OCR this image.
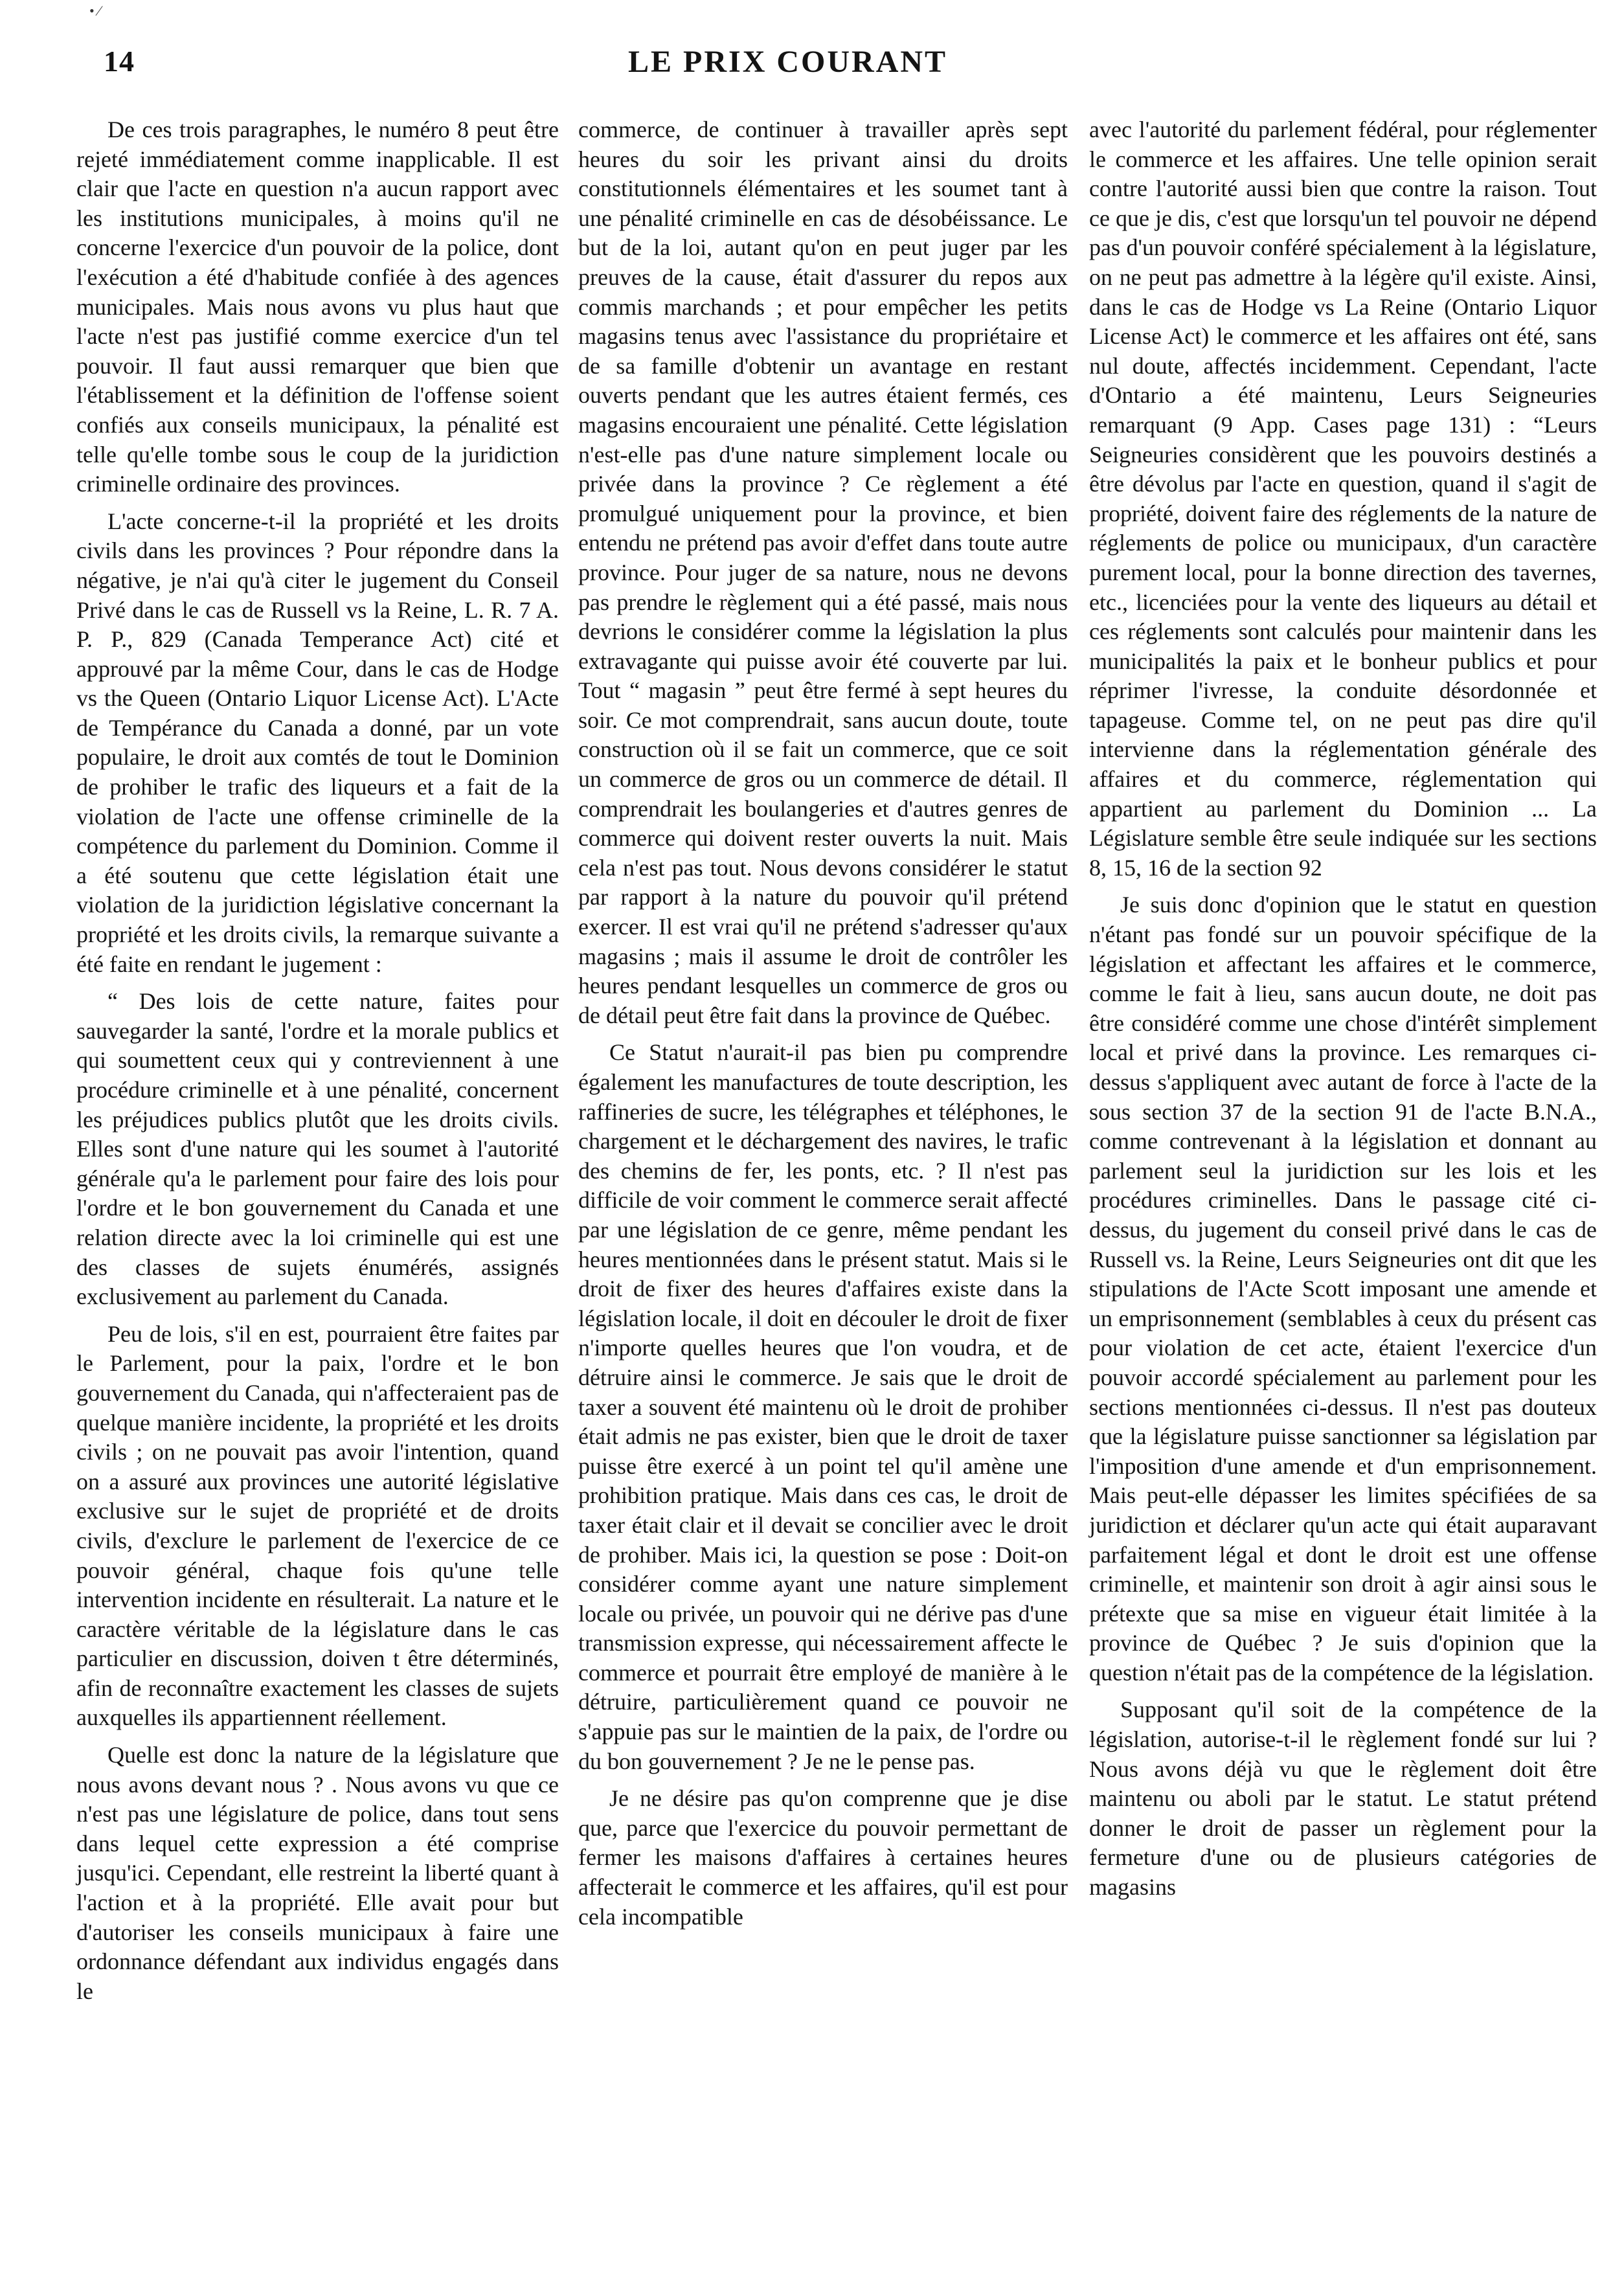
• ⁄
14	LE PRIX COURANT

De ces trois paragraphes, le numéro 8 peut être rejeté immédiatement comme inapplicable. Il est clair que l'acte en question n'a aucun rapport avec les institutions municipales, à moins qu'il ne concerne l'exercice d'un pouvoir de la police, dont l'exécution a été d'habitude confiée à des agences municipales. Mais nous avons vu plus haut que l'acte n'est pas justifié comme exercice d'un tel pouvoir. Il faut aussi remarquer que bien que l'établissement et la définition de l'offense soient confiés aux conseils municipaux, la pénalité est telle qu'elle tombe sous le coup de la juridiction criminelle ordinaire des provinces.

L'acte concerne-t-il la propriété et les droits civils dans les provinces ? Pour répondre dans la négative, je n'ai qu'à citer le jugement du Conseil Privé dans le cas de Russell vs la Reine, L. R. 7 A. P. P., 829 (Canada Temperance Act) cité et approuvé par la même Cour, dans le cas de Hodge vs the Queen (Ontario Liquor License Act). L'Acte de Tempérance du Canada a donné, par un vote populaire, le droit aux comtés de tout le Dominion de prohiber le trafic des liqueurs et a fait de la violation de l'acte une offense criminelle de la compétence du parlement du Dominion. Comme il a été soutenu que cette législation était une violation de la juridiction législative concernant la propriété et les droits civils, la remarque suivante a été faite en rendant le jugement :

“ Des lois de cette nature, faites pour sauvegarder la santé, l'ordre et la morale publics et qui soumettent ceux qui y contreviennent à une procédure criminelle et à une pénalité, concernent les préjudices publics plutôt que les droits civils. Elles sont d'une nature qui les soumet à l'autorité générale qu'a le parlement pour faire des lois pour l'ordre et le bon gouvernement du Canada et une relation directe avec la loi criminelle qui est une des classes de sujets énumérés, assignés exclusivement au parlement du Canada.

Peu de lois, s'il en est, pourraient être faites par le Parlement, pour la paix, l'ordre et le bon gouvernement du Canada, qui n'affecteraient pas de quelque manière incidente, la propriété et les droits civils ; on ne pouvait pas avoir l'intention, quand on a assuré aux provinces une autorité législative exclusive sur le sujet de propriété et de droits civils, d'exclure le parlement de l'exercice de ce pouvoir général, chaque fois qu'une telle intervention incidente en résulterait. La nature et le caractère véritable de la législature dans le cas particulier en discussion, doiven t être déterminés, afin de reconnaître exactement les classes de sujets auxquelles ils appartiennent réellement.

Quelle est donc la nature de la législature que nous avons devant nous ? . Nous avons vu que ce n'est pas une législature de police, dans tout sens dans lequel cette expression a été comprise jusqu'ici. Cependant, elle restreint la liberté quant à l'action et à la propriété. Elle avait pour but d'autoriser les conseils municipaux à faire une ordonnance défendant aux individus engagés dans le

commerce, de continuer à travailler après sept heures du soir les privant ainsi du droits constitutionnels élémentaires et les soumet tant à une pénalité criminelle en cas de désobéissance. Le but de la loi, autant qu'on en peut juger par les preuves de la cause, était d'assurer du repos aux commis marchands ; et pour empêcher les petits magasins tenus avec l'assistance du propriétaire et de sa famille d'obtenir un avantage en restant ouverts pendant que les autres étaient fermés, ces magasins encouraient une pénalité. Cette législation n'est-elle pas d'une nature simplement locale ou privée dans la province ? Ce règlement a été promulgué uniquement pour la province, et bien entendu ne prétend pas avoir d'effet dans toute autre province. Pour juger de sa nature, nous ne devons pas prendre le règlement qui a été passé, mais nous devrions le considérer comme la législation la plus extravagante qui puisse avoir été couverte par lui. Tout “ magasin ” peut être fermé à sept heures du soir. Ce mot comprendrait, sans aucun doute, toute construction où il se fait un commerce, que ce soit un commerce de gros ou un commerce de détail. Il comprendrait les boulangeries et d'autres genres de commerce qui doivent rester ouverts la nuit. Mais cela n'est pas tout. Nous devons considérer le statut par rapport à la nature du pouvoir qu'il prétend exercer. Il est vrai qu'il ne prétend s'adresser qu'aux magasins ; mais il assume le droit de contrôler les heures pendant lesquelles un commerce de gros ou de détail peut être fait dans la province de Québec.

Ce Statut n'aurait-il pas bien pu comprendre également les manufactures de toute description, les raffineries de sucre, les télégraphes et téléphones, le chargement et le déchargement des navires, le trafic des chemins de fer, les ponts, etc. ? Il n'est pas difficile de voir comment le commerce serait affecté par une législation de ce genre, même pendant les heures mentionnées dans le présent statut. Mais si le droit de fixer des heures d'affaires existe dans la législation locale, il doit en découler le droit de fixer n'importe quelles heures que l'on voudra, et de détruire ainsi le commerce. Je sais que le droit de taxer a souvent été maintenu où le droit de prohiber était admis ne pas exister, bien que le droit de taxer puisse être exercé à un point tel qu'il amène une prohibition pratique. Mais dans ces cas, le droit de taxer était clair et il devait se concilier avec le droit de prohiber. Mais ici, la question se pose : Doit-on considérer comme ayant une nature simplement locale ou privée, un pouvoir qui ne dérive pas d'une transmission expresse, qui nécessairement affecte le commerce et pourrait être employé de manière à le détruire, particulièrement quand ce pouvoir ne s'appuie pas sur le maintien de la paix, de l'ordre ou du bon gouvernement ? Je ne le pense pas.

Je ne désire pas qu'on comprenne que je dise que, parce que l'exercice du pouvoir permettant de fermer les maisons d'affaires à certaines heures affecterait le commerce et les affaires, qu'il est pour cela incompatible

avec l'autorité du parlement fédéral, pour réglementer le commerce et les affaires. Une telle opinion serait contre l'autorité aussi bien que contre la raison. Tout ce que je dis, c'est que lorsqu'un tel pouvoir ne dépend pas d'un pouvoir conféré spécialement à la législature, on ne peut pas admettre à la légère qu'il existe. Ainsi, dans le cas de Hodge vs La Reine (Ontario Liquor License Act) le commerce et les affaires ont été, sans nul doute, affectés incidemment. Cependant, l'acte d'Ontario a été maintenu, Leurs Seigneuries remarquant (9 App. Cases page 131) : “Leurs Seigneuries considèrent que les pouvoirs destinés a être dévolus par l'acte en question, quand il s'agit de propriété, doivent faire des réglements de la nature de réglements de police ou municipaux, d'un caractère purement local, pour la bonne direction des tavernes, etc., licenciées pour la vente des liqueurs au détail et ces réglements sont calculés pour maintenir dans les municipalités la paix et le bonheur publics et pour réprimer l'ivresse, la conduite désordonnée et tapageuse. Comme tel, on ne peut pas dire qu'il intervienne dans la réglementation générale des affaires et du commerce, réglementation qui appartient au parlement du Dominion ... La Législature semble être seule indiquée sur les sections 8, 15, 16 de la section 92

Je suis donc d'opinion que le statut en question n'étant pas fondé sur un pouvoir spécifique de la législation et affectant les affaires et le commerce, comme le fait à lieu, sans aucun doute, ne doit pas être considéré comme une chose d'intérêt simplement local et privé dans la province. Les remarques ci-dessus s'appliquent avec autant de force à l'acte de la sous section 37 de la section 91 de l'acte B.N.A., comme contrevenant à la législation et donnant au parlement seul la juridiction sur les lois et les procédures criminelles. Dans le passage cité ci-dessus, du jugement du conseil privé dans le cas de Russell vs. la Reine, Leurs Seigneuries ont dit que les stipulations de l'Acte Scott imposant une amende et un emprisonnement (semblables à ceux du présent cas pour violation de cet acte, étaient l'exercice d'un pouvoir accordé spécialement au parlement pour les sections mentionnées ci-dessus. Il n'est pas douteux que la législature puisse sanctionner sa législation par l'imposition d'une amende et d'un emprisonnement. Mais peut-elle dépasser les limites spécifiées de sa juridiction et déclarer qu'un acte qui était auparavant parfaitement légal et dont le droit est une offense criminelle, et maintenir son droit à agir ainsi sous le prétexte que sa mise en vigueur était limitée à la province de Québec ? Je suis d'opinion que la question n'était pas de la compétence de la législation.

Supposant qu'il soit de la compétence de la législation, autorise-t-il le règlement fondé sur lui ? Nous avons déjà vu que le règlement doit être maintenu ou aboli par le statut. Le statut prétend donner le droit de passer un règlement pour la fermeture d'une ou de plusieurs catégories de magasins
